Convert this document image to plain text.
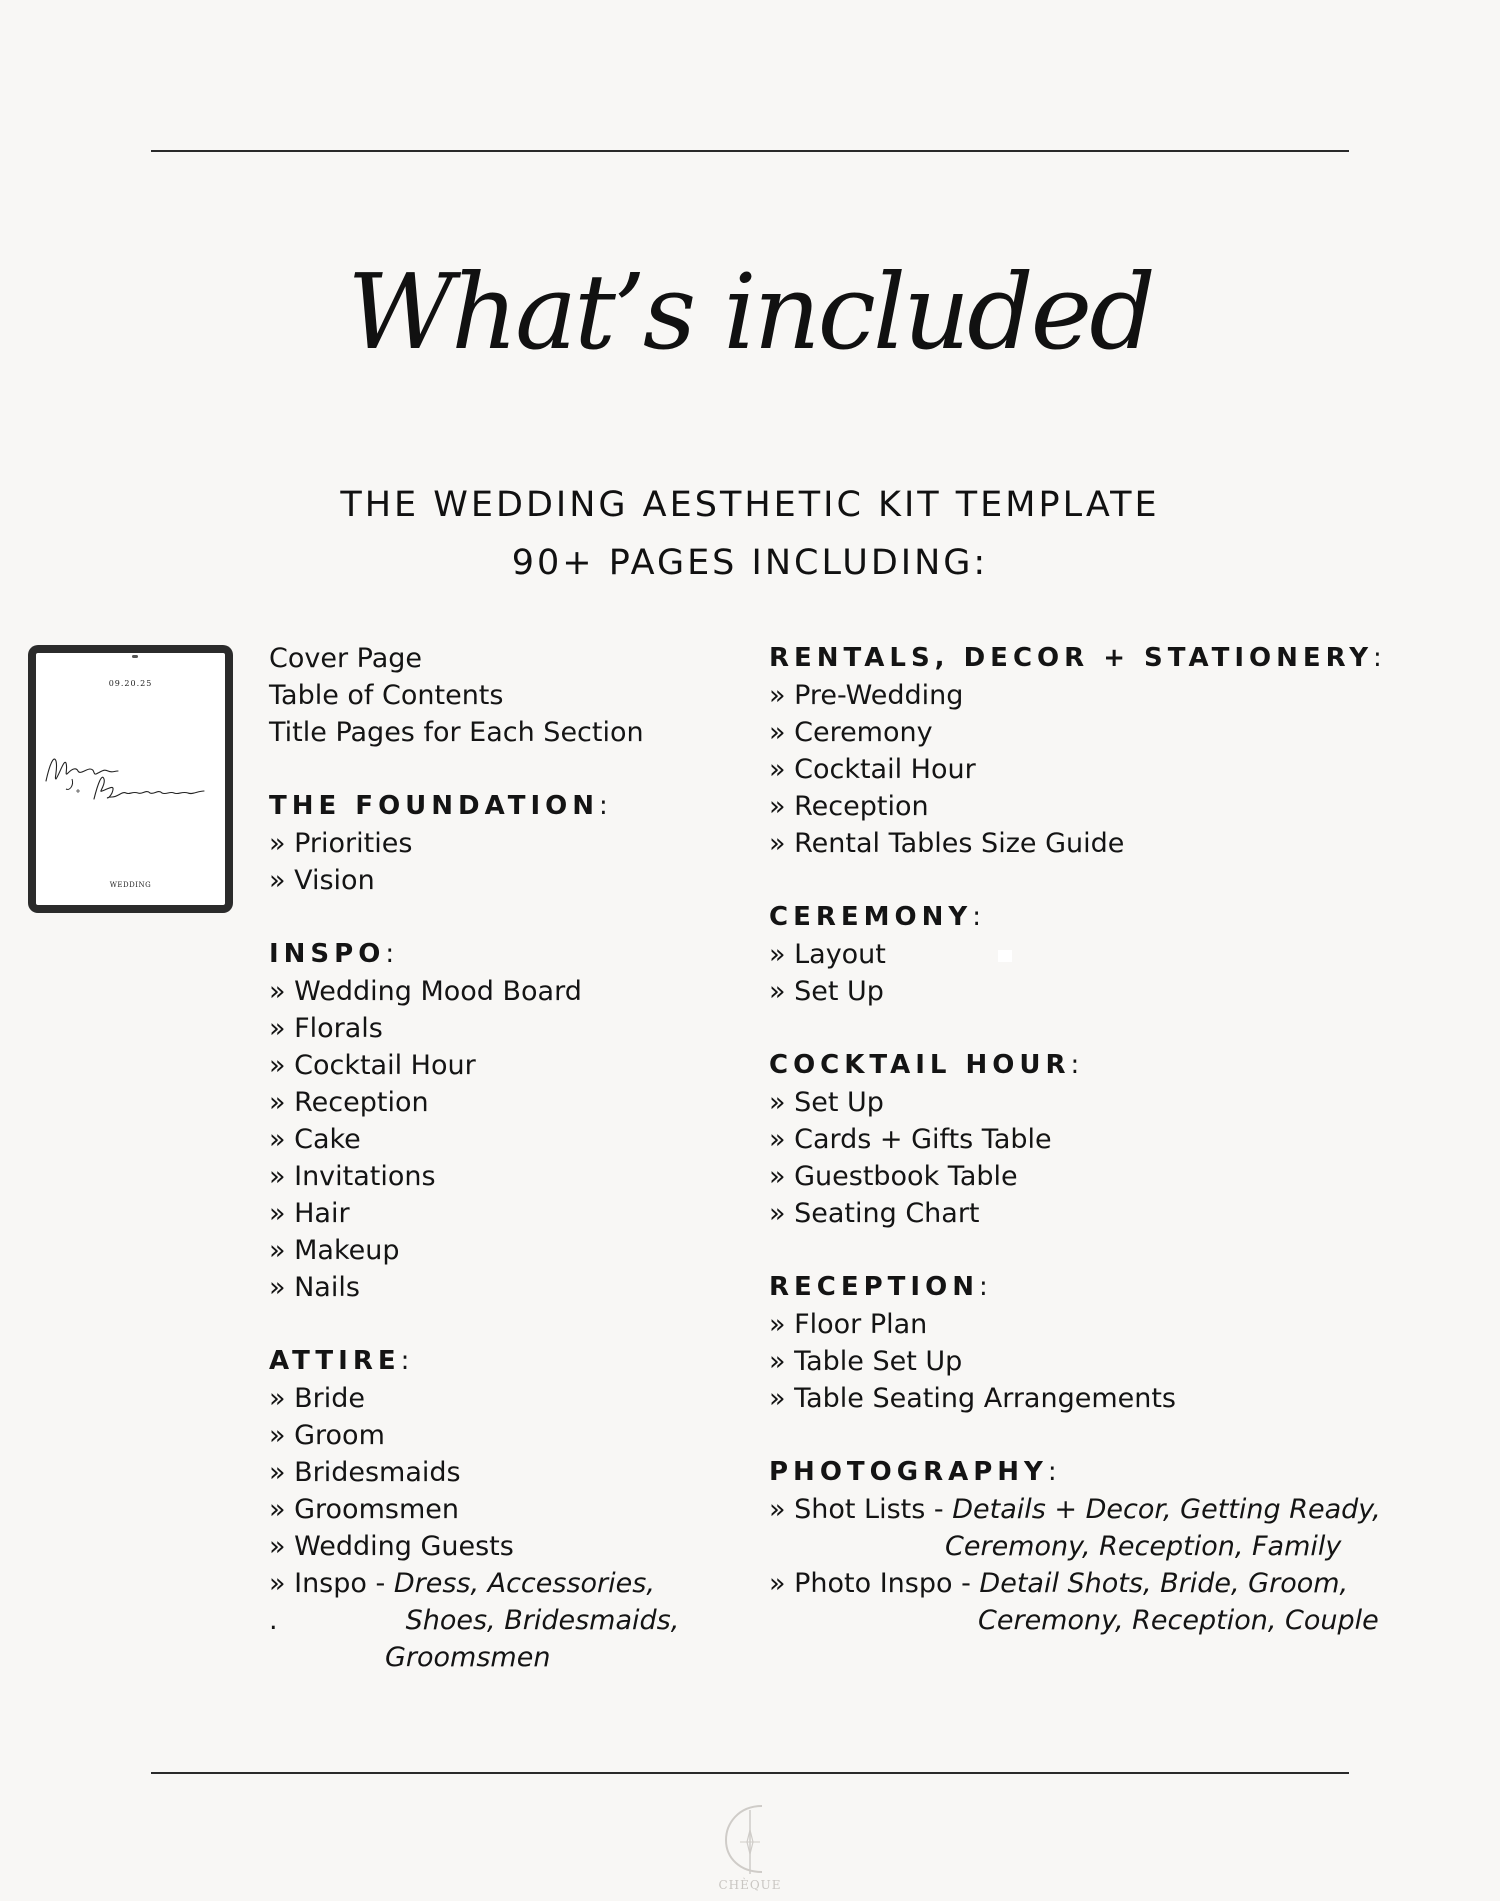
What’s included

THE WEDDING AESTHETIC KIT TEMPLATE

90+ PAGES INCLUDING:

09.20.25
WEDDING

Cover Page

Table of Contents

Title Pages for Each Section

THE FOUNDATION:

» Priorities

» Vision

INSPO:

» Wedding Mood Board

» Florals

» Cocktail Hour

» Reception

» Cake

» Invitations

» Hair

» Makeup

» Nails

ATTIRE:

» Bride

» Groom

» Bridesmaids

» Groomsmen

» Wedding Guests

» Inspo - Dress, Accessories,

.	Shoes, Bridesmaids,

Groomsmen

RENTALS, DECOR + STATIONERY:

» Pre-Wedding

» Ceremony

» Cocktail Hour

» Reception

» Rental Tables Size Guide

CEREMONY:

» Layout

» Set Up

COCKTAIL HOUR:

» Set Up

» Cards + Gifts Table

» Guestbook Table

» Seating Chart

RECEPTION:

» Floor Plan

» Table Set Up

» Table Seating Arrangements

PHOTOGRAPHY:

» Shot Lists - Details + Decor, Getting Ready,

Ceremony, Reception, Family

» Photo Inspo - Detail Shots, Bride, Groom,

Ceremony, Reception, Couple

CHÈQUE
